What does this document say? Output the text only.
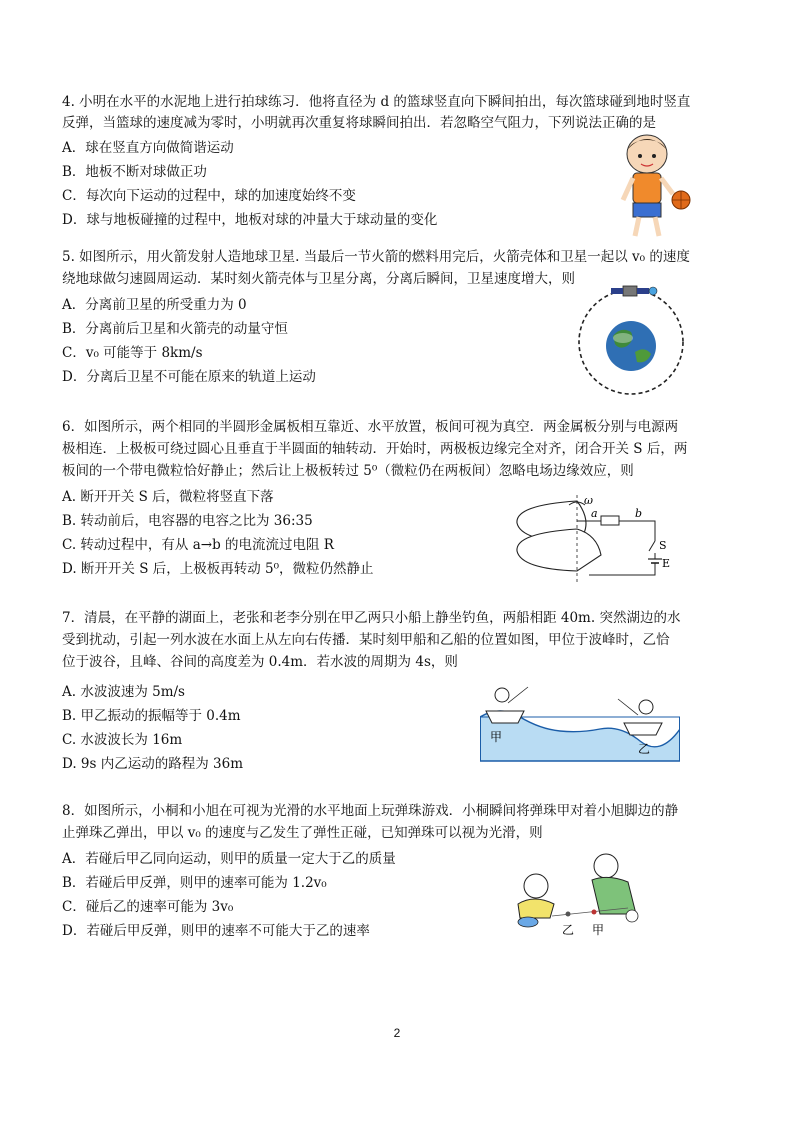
4. 小明在水平的水泥地上进行拍球练习．他将直径为 d 的篮球竖直向下瞬间拍出，每次篮球碰到地时竖直
反弹，当篮球的速度减为零时，小明就再次重复将球瞬间拍出．若忽略空气阻力，下列说法正确的是
A．球在竖直方向做简谐运动
B．地板不断对球做正功
C．每次向下运动的过程中，球的加速度始终不变
D．球与地板碰撞的过程中，地板对球的冲量大于球动量的变化
5. 如图所示，用火箭发射人造地球卫星. 当最后一节火箭的燃料用完后，火箭壳体和卫星一起以 v₀ 的速度
绕地球做匀速圆周运动．某时刻火箭壳体与卫星分离，分离后瞬间，卫星速度增大，则
A．分离前卫星的所受重力为 0
B．分离前后卫星和火箭壳的动量守恒
C．v₀ 可能等于 8km/s
D．分离后卫星不可能在原来的轨道上运动
6．如图所示，两个相同的半圆形金属板相互靠近、水平放置，板间可视为真空．两金属板分别与电源两
极相连．上极板可绕过圆心且垂直于半圆面的轴转动．开始时，两极板边缘完全对齐，闭合开关 S 后，两
板间的一个带电微粒恰好静止；然后让上极板转过 5⁰（微粒仍在两板间）忽略电场边缘效应，则
A. 断开开关 S 后，微粒将竖直下落
B. 转动前后，电容器的电容之比为 36:35
C. 转动过程中，有从 a→b 的电流流过电阻 R
D. 断开开关 S 后，上极板再转动 5⁰，微粒仍然静止
ω
a	b
S
E
7．清晨，在平静的湖面上，老张和老李分别在甲乙两只小船上静坐钓鱼，两船相距 40m. 突然湖边的水
受到扰动，引起一列水波在水面上从左向右传播．某时刻甲船和乙船的位置如图，甲位于波峰时，乙恰
位于波谷，且峰、谷间的高度差为 0.4m．若水波的周期为 4s，则
A. 水波波速为 5m/s
B. 甲乙振动的振幅等于 0.4m
C. 水波波长为 16m
D. 9s 内乙运动的路程为 36m
甲
乙
8．如图所示，小桐和小旭在可视为光滑的水平地面上玩弹珠游戏．小桐瞬间将弹珠甲对着小旭脚边的静
止弹珠乙弹出，甲以 v₀ 的速度与乙发生了弹性正碰，已知弹珠可以视为光滑，则
A．若碰后甲乙同向运动，则甲的质量一定大于乙的质量
B．若碰后甲反弹，则甲的速率可能为 1.2v₀
C．碰后乙的速率可能为 3v₀
D．若碰后甲反弹，则甲的速率不可能大于乙的速率	乙 甲
2
